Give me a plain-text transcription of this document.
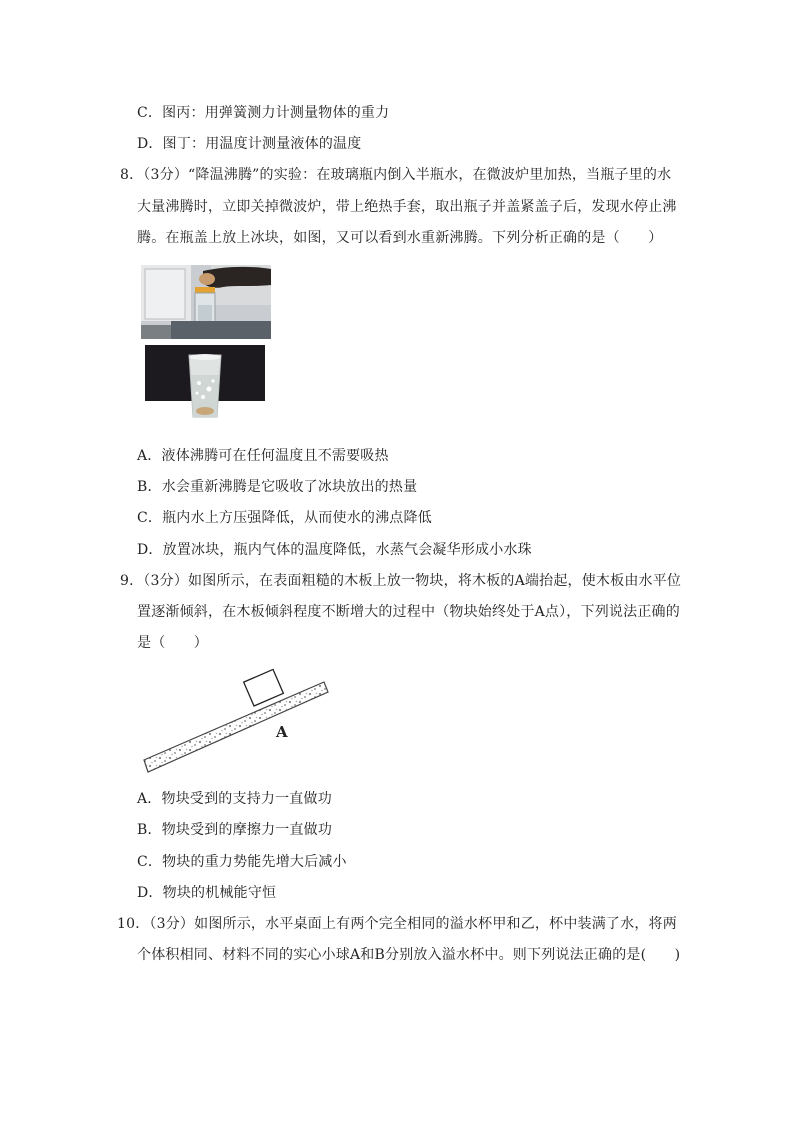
C．图丙：用弹簧测力计测量物体的重力
D．图丁：用温度计测量液体的温度
8．（3分）“降温沸腾”的实验：在玻璃瓶内倒入半瓶水，在微波炉里加热，当瓶子里的水
大量沸腾时，立即关掉微波炉，带上绝热手套，取出瓶子并盖紧盖子后，发现水停止沸
腾。在瓶盖上放上冰块，如图，又可以看到水重新沸腾。下列分析正确的是（　　）
A．液体沸腾可在任何温度且不需要吸热
B．水会重新沸腾是它吸收了冰块放出的热量
C．瓶内水上方压强降低，从而使水的沸点降低
D．放置冰块，瓶内气体的温度降低，水蒸气会凝华形成小水珠
9．（3分）如图所示，在表面粗糙的木板上放一物块，将木板的A端抬起，使木板由水平位
置逐渐倾斜，在木板倾斜程度不断增大的过程中（物块始终处于A点），下列说法正确的
是（　　）
A
A．物块受到的支持力一直做功
B．物块受到的摩擦力一直做功
C．物块的重力势能先增大后减小
D．物块的机械能守恒
10．（3分）如图所示，水平桌面上有两个完全相同的溢水杯甲和乙，杯中装满了水，将两
个体积相同、材料不同的实心小球A和B分别放入溢水杯中。则下列说法正确的是(　　)
